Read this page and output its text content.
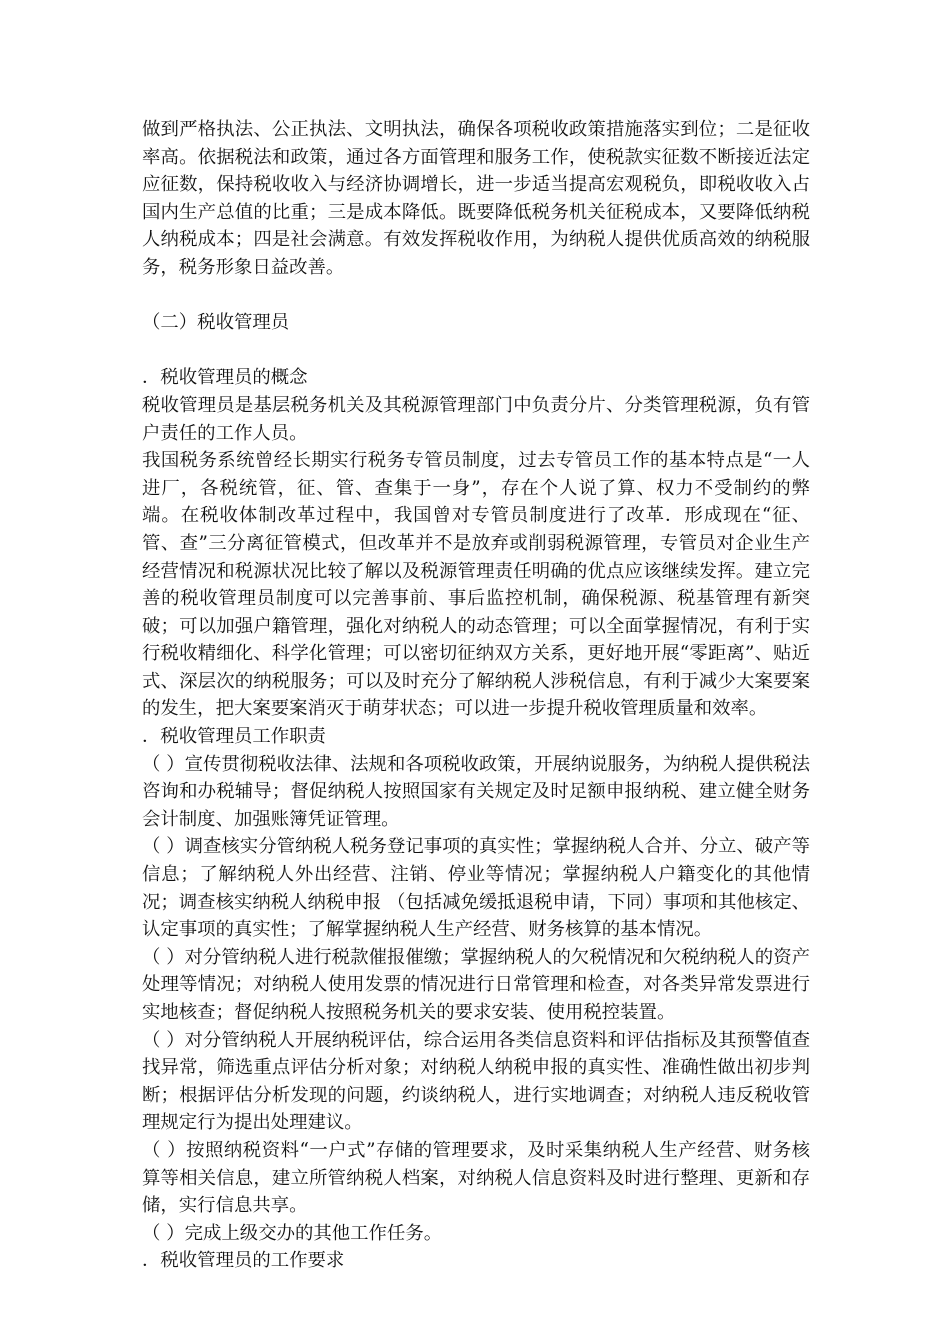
做到严格执法、公正执法、文明执法，确保各项税收政策措施落实到位；二是征收率高。依据税法和政策，通过各方面管理和服务工作，使税款实征数不断接近法定应征数，保持税收收入与经济协调增长，进一步适当提高宏观税负，即税收收入占国内生产总值的比重；三是成本降低。既要降低税务机关征税成本，又要降低纳税人纳税成本；四是社会满意。有效发挥税收作用，为纳税人提供优质高效的纳税服务，税务形象日益改善。

（二）税收管理员

．税收管理员的概念

税收管理员是基层税务机关及其税源管理部门中负责分片、分类管理税源，负有管户责任的工作人员。

我国税务系统曾经长期实行税务专管员制度，过去专管员工作的基本特点是“一人进厂，各税统管，征、管、查集于一身”，存在个人说了算、权力不受制约的弊端。在税收体制改革过程中，我国曾对专管员制度进行了改革．形成现在“征、管、查”三分离征管模式，但改革并不是放弃或削弱税源管理，专管员对企业生产经营情况和税源状况比较了解以及税源管理责任明确的优点应该继续发挥。建立完善的税收管理员制度可以完善事前、事后监控机制，确保税源、税基管理有新突破；可以加强户籍管理，强化对纳税人的动态管理；可以全面掌握情况，有利于实行税收精细化、科学化管理；可以密切征纳双方关系，更好地开展“零距离”、贴近式、深层次的纳税服务；可以及时充分了解纳税人涉税信息，有利于减少大案要案的发生，把大案要案消灭于萌芽状态；可以进一步提升税收管理质量和效率。

．税收管理员工作职责

（ ）宣传贯彻税收法律、法规和各项税收政策，开展纳说服务，为纳税人提供税法咨询和办税辅导；督促纳税人按照国家有关规定及时足额申报纳税、建立健全财务会计制度、加强账簿凭证管理。

（ ）调查核实分管纳税人税务登记事项的真实性；掌握纳税人合并、分立、破产等信息；了解纳税人外出经营、注销、停业等情况；掌握纳税人户籍变化的其他情况；调查核实纳税人纳税申报 （包括减免缓抵退税申请，下同）事项和其他核定、认定事项的真实性；了解掌握纳税人生产经营、财务核算的基本情况。

（ ）对分管纳税人进行税款催报催缴；掌握纳税人的欠税情况和欠税纳税人的资产处理等情况；对纳税人使用发票的情况进行日常管理和检查，对各类异常发票进行实地核查；督促纳税人按照税务机关的要求安装、使用税控装置。

（ ）对分管纳税人开展纳税评估，综合运用各类信息资料和评估指标及其预警值查找异常，筛选重点评估分析对象；对纳税人纳税申报的真实性、准确性做出初步判断；根据评估分析发现的问题，约谈纳税人，进行实地调查；对纳税人违反税收管理规定行为提出处理建议。

（ ）按照纳税资料“一户式”存储的管理要求，及时采集纳税人生产经营、财务核算等相关信息，建立所管纳税人档案，对纳税人信息资料及时进行整理、更新和存储，实行信息共享。

（ ）完成上级交办的其他工作任务。

．税收管理员的工作要求
